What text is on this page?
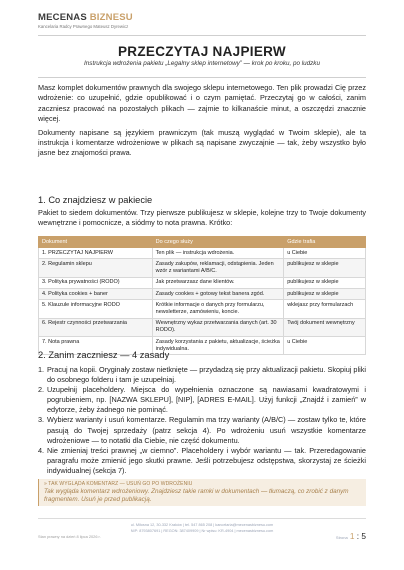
MECENAS BIZNESU
Kancelaria Radcy Prawnego Mateusz Dyrewicz
PRZECZYTAJ NAJPIERW
Instrukcja wdrożenia pakietu „Legalny sklep internetowy” — krok po kroku, po ludzku

Masz komplet dokumentów prawnych dla swojego sklepu internetowego. Ten plik prowadzi Cię przez wdrożenie: co uzupełnić, gdzie opublikować i o czym pamiętać. Przeczytaj go w całości, zanim zaczniesz pracować na pozostałych plikach — zajmie to kilkanaście minut, a oszczędzi znacznie więcej.

Dokumenty napisane są językiem prawniczym (tak muszą wyglądać w Twoim sklepie), ale ta instrukcja i komentarze wdrożeniowe w plikach są napisane zwyczajnie — tak, żeby wszystko było jasne bez znajomości prawa.

1. Co znajdziesz w pakiecie
Pakiet to siedem dokumentów. Trzy pierwsze publikujesz w sklepie, kolejne trzy to Twoje dokumenty wewnętrzne i pomocnicze, a siódmy to nota prawna. Krótko:
Dokument	Do czego służy	Gdzie trafia
1. PRZECZYTAJ NAJPIERW	Ten plik — instrukcja wdrożenia.	u Ciebie
2. Regulamin sklepu	Zasady zakupów, reklamacji, odstąpienia. Jeden wzór z wariantami A/B/C.	publikujesz w sklepie
3. Polityka prywatności (RODO)	Jak przetwarzasz dane klientów.	publikujesz w sklepie
4. Polityka cookies + baner	Zasady cookies + gotowy tekst banera zgód.	publikujesz w sklepie
5. Klauzule informacyjne RODO	Krótkie informacje o danych przy formularzu, newsletterze, zamówieniu, koncie.	wklejasz przy formularzach
6. Rejestr czynności przetwarzania	Wewnętrzny wykaz przetwarzania danych (art. 30 RODO).	Twój dokument wewnętrzny
7. Nota prawna	Zasady korzystania z pakietu, aktualizacje, ścieżka indywidualna.	u Ciebie
2. Zanim zaczniesz — 4 zasady
1. Pracuj na kopii. Oryginały zostaw nietknięte — przydadzą się przy aktualizacji pakietu. Skopiuj pliki do osobnego folderu i tam je uzupełniaj.
2. Uzupełnij placeholdery. Miejsca do wypełnienia oznaczone są nawiasami kwadratowymi i pogrubieniem, np. [NAZWA SKLEPU], [NIP], [ADRES E-MAIL]. Użyj funkcji „Znajdź i zamień” w edytorze, żeby żadnego nie pominąć.
3. Wybierz warianty i usuń komentarze. Regulamin ma trzy warianty (A/B/C) — zostaw tylko te, które pasują do Twojej sprzedaży (patrz sekcja 4). Po wdrożeniu usuń wszystkie komentarze wdrożeniowe — to notatki dla Ciebie, nie część dokumentu.
4. Nie zmieniaj treści prawnej „w ciemno”. Placeholdery i wybór wariantu — tak. Przeredagowanie paragrafu może zmienić jego skutki prawne. Jeśli potrzebujesz odstępstwa, skorzystaj ze ścieżki indywidualnej (sekcja 7).
» TAK WYGLĄDA KOMENTARZ — USUŃ GO PO WDROŻENIU
Tak wygląda komentarz wdrożeniowy. Znajdziesz takie ramki w dokumentach — tłumaczą, co zrobić z danym fragmentem. Usuń je przed publikacją.
ul. Miłosna 12, 30-332 Kraków | tel. 547 865 208 | kancelaria@mecenasbiznesu.com
NIP: 8793807691 | REGON: 387409909 | Nr wpisu: KR-4904 | mecenasbiznesu.com
Stan prawny na dzień 8 lipca 2026 r.	Strona 1 : 5
